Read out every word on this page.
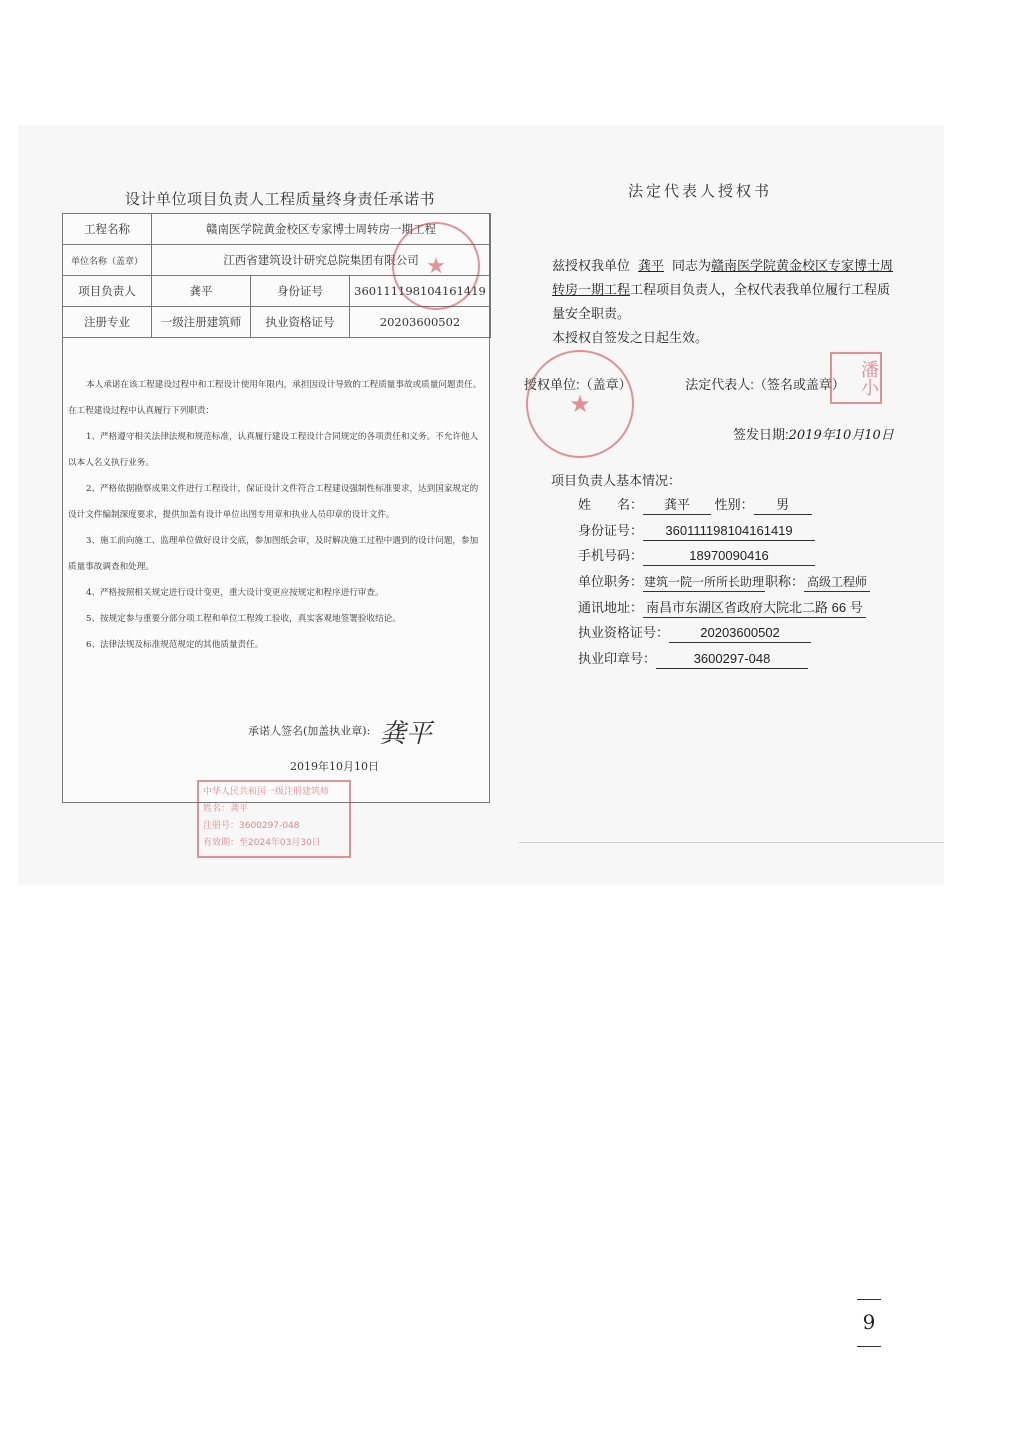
设计单位项目负责人工程质量终身责任承诺书
工程名称	赣南医学院黄金校区专家博士周转房一期工程		
单位名称（盖章）	江西省建筑设计研究总院集团有限公司		
项目负责人	龚平	身份证号	360111198104161419
注册专业	一级注册建筑师	执业资格证号	20203600502

本人承诺在该工程建设过程中和工程设计使用年限内，承担因设计导致的工程质量事故或质量问题责任。在工程建设过程中认真履行下列职责：

1、严格遵守相关法律法规和规范标准，认真履行建设工程设计合同规定的各项责任和义务。不允许他人以本人名义执行业务。

2、严格依据勘察成果文件进行工程设计，保证设计文件符合工程建设强制性标准要求，达到国家规定的设计文件编制深度要求，提供加盖有设计单位出图专用章和执业人员印章的设计文件。

3、施工前向施工、监理单位做好设计交底，参加图纸会审，及时解决施工过程中遇到的设计问题，参加质量事故调查和处理。

4、严格按照相关规定进行设计变更，重大设计变更应按规定和程序进行审查。

5、按规定参与重要分部分项工程和单位工程竣工验收，真实客观地签署验收结论。

6、法律法规及标准规范规定的其他质量责任。

承诺人签名(加盖执业章): 龚平
2019年10月10日
★
中华人民共和国一级注册建筑师
姓名：龚平
注册号：3600297-048
有效期：至2024年03月30日
法定代表人授权书

兹授权我单位 龚平 同志为赣南医学院黄金校区专家博士周转房一期工程工程项目负责人，全权代表我单位履行工程质量安全职责。

本授权自签发之日起生效。

授权单位:（盖章）	法定代表人:（签名或盖章）
★
潘小
签发日期:2019年10月10日
项目负责人基本情况：
姓　　名： 龚平 性别： 男
身份证号： 360111198104161419
手机号码：	18970090416
单位职务：建筑一院一所所长助理职称： 高级工程师
通讯地址： 南昌市东湖区省政府大院北二路 66 号
执业资格证号： 20203600502
执业印章号：	3600297-048
9
